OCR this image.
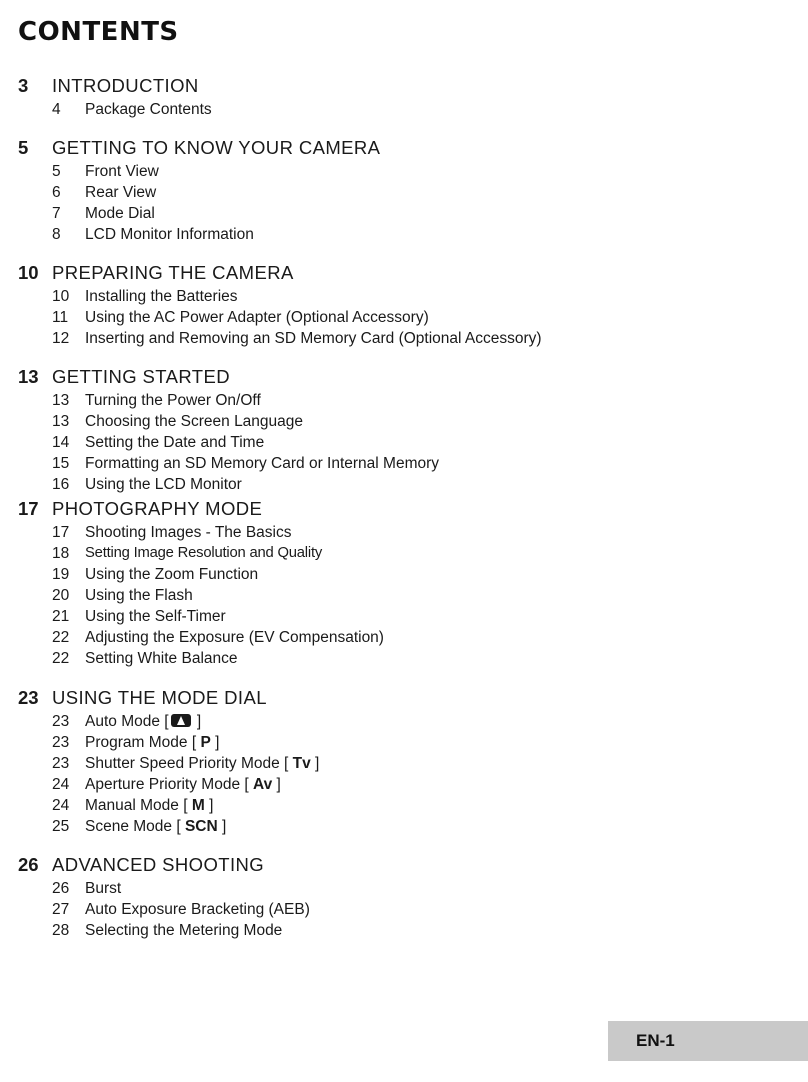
CONTENTS
3 INTRODUCTION
4 Package Contents
5 GETTING TO KNOW YOUR CAMERA
5 Front View
6 Rear View
7 Mode Dial
8 LCD Monitor Information
10 PREPARING THE CAMERA
10 Installing the Batteries
11 Using the AC Power Adapter (Optional Accessory)
12 Inserting and Removing an SD Memory Card (Optional Accessory)
13 GETTING STARTED
13 Turning the Power On/Off
13 Choosing the Screen Language
14 Setting the Date and Time
15 Formatting an SD Memory Card or Internal Memory
16 Using the LCD Monitor
17 PHOTOGRAPHY MODE
17 Shooting Images - The Basics
18 Setting Image Resolution and Quality
19 Using the Zoom Function
20 Using the Flash
21 Using the Self-Timer
22 Adjusting the Exposure (EV Compensation)
22 Setting White Balance
23 USING THE MODE DIAL
23 Auto Mode [ ]
23 Program Mode [ P ]
23 Shutter Speed Priority Mode [ Tv ]
24 Aperture Priority Mode [ Av ]
24 Manual Mode [ M ]
25 Scene Mode [ SCN ]
26 ADVANCED SHOOTING
26 Burst
27 Auto Exposure Bracketing (AEB)
28 Selecting the Metering Mode
EN-1
